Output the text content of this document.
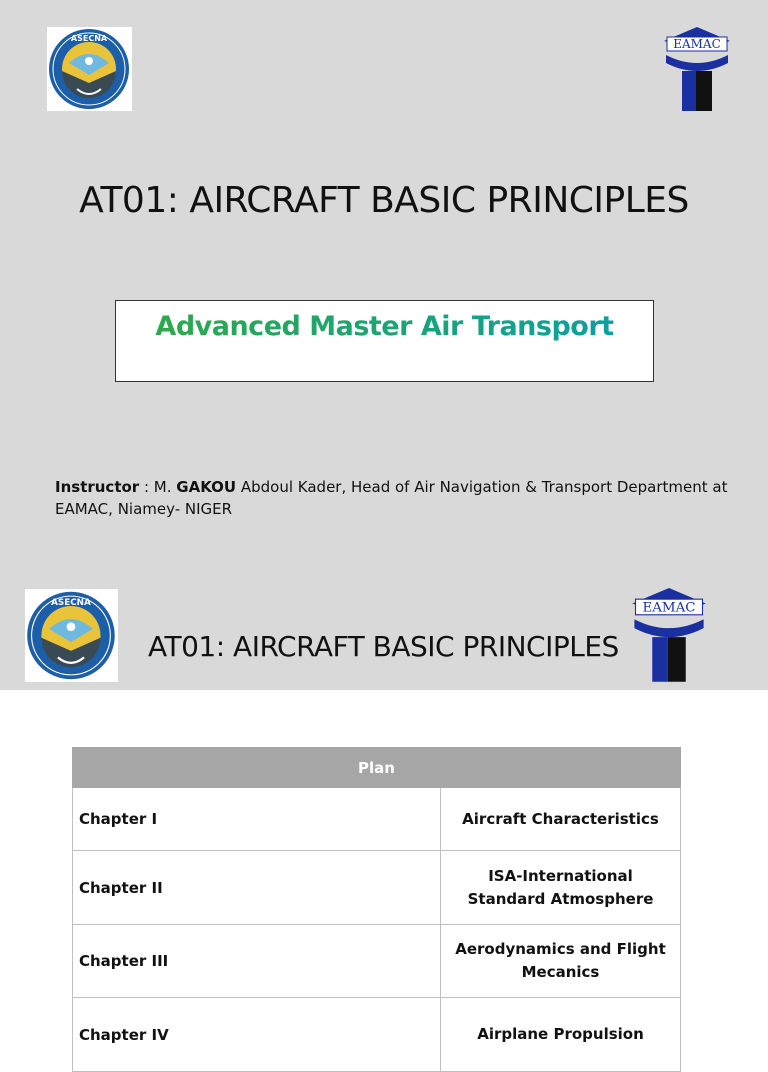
ASECNA	EAMAC
AT01: AIRCRAFT BASIC PRINCIPLES
Advanced Master Air Transport
Instructor : M. GAKOU Abdoul Kader, Head of Air Navigation & Transport Department at EAMAC, Niamey- NIGER
ASECNA
AT01: AIRCRAFT BASIC PRINCIPLES
EAMAC
Plan	
Chapter I	Aircraft Characteristics
Chapter II	ISA-International Standard Atmosphere
Chapter III	Aerodynamics and Flight Mecanics
Chapter IV	Airplane Propulsion
